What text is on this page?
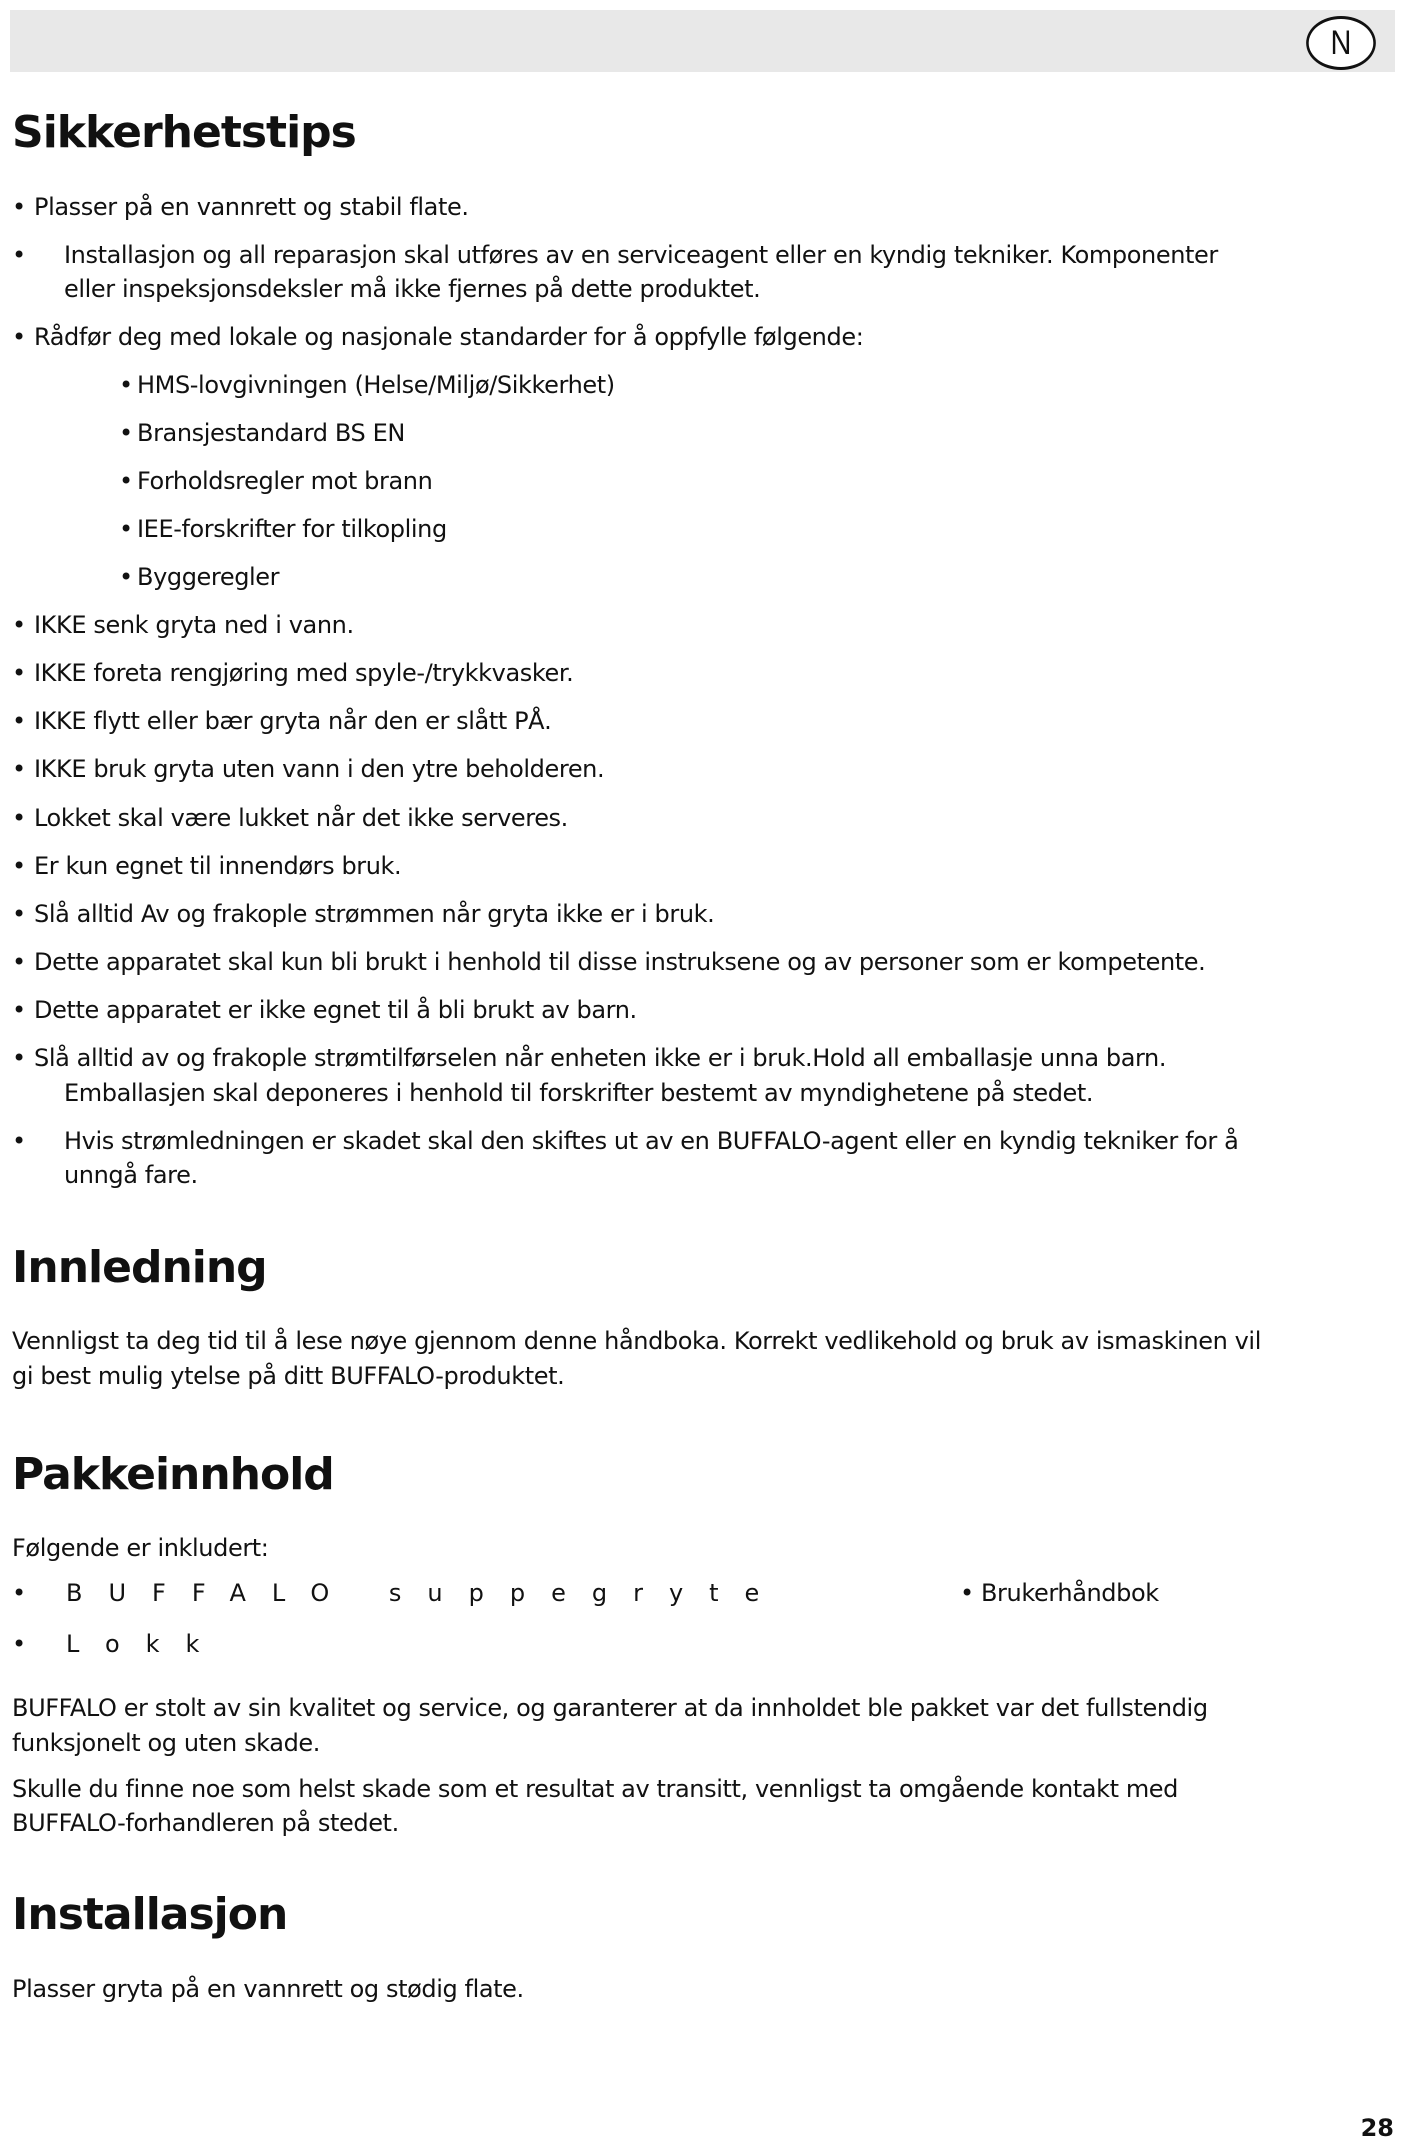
N
Sikkerhetstips
• Plasser på en vannrett og stabil flate.
• Installasjon og all reparasjon skal utføres av en serviceagent eller en kyndig tekniker. Komponenter
eller inspeksjonsdeksler må ikke fjernes på dette produktet.
• Rådfør deg med lokale og nasjonale standarder for å oppfylle følgende:
• HMS-lovgivningen (Helse/Miljø/Sikkerhet)
• Bransjestandard BS EN
• Forholdsregler mot brann
• IEE-forskrifter for tilkopling
• Byggeregler
• IKKE senk gryta ned i vann.
• IKKE foreta rengjøring med spyle-/trykkvasker.
• IKKE flytt eller bær gryta når den er slått PÅ.
• IKKE bruk gryta uten vann i den ytre beholderen.
• Lokket skal være lukket når det ikke serveres.
• Er kun egnet til innendørs bruk.
• Slå alltid Av og frakople strømmen når gryta ikke er i bruk.
• Dette apparatet skal kun bli brukt i henhold til disse instruksene og av personer som er kompetente.
• Dette apparatet er ikke egnet til å bli brukt av barn.
• Slå alltid av og frakople strømtilførselen når enheten ikke er i bruk.Hold all emballasje unna barn.
Emballasjen skal deponeres i henhold til forskrifter bestemt av myndighetene på stedet.
• Hvis strømledningen er skadet skal den skiftes ut av en BUFFALO-agent eller en kyndig tekniker for å
unngå fare.
Innledning
Vennligst ta deg tid til å lese nøye gjennom denne håndboka. Korrekt vedlikehold og bruk av ismaskinen vil
gi best mulig ytelse på ditt BUFFALO-produktet.
Pakkeinnhold
Følgende er inkludert:
• BUFFALO suppegryte	• Brukerhåndbok
• Lokk
BUFFALO er stolt av sin kvalitet og service, og garanterer at da innholdet ble pakket var det fullstendig
funksjonelt og uten skade.
Skulle du finne noe som helst skade som et resultat av transitt, vennligst ta omgående kontakt med
BUFFALO-forhandleren på stedet.
Installasjon
Plasser gryta på en vannrett og stødig flate.
28
